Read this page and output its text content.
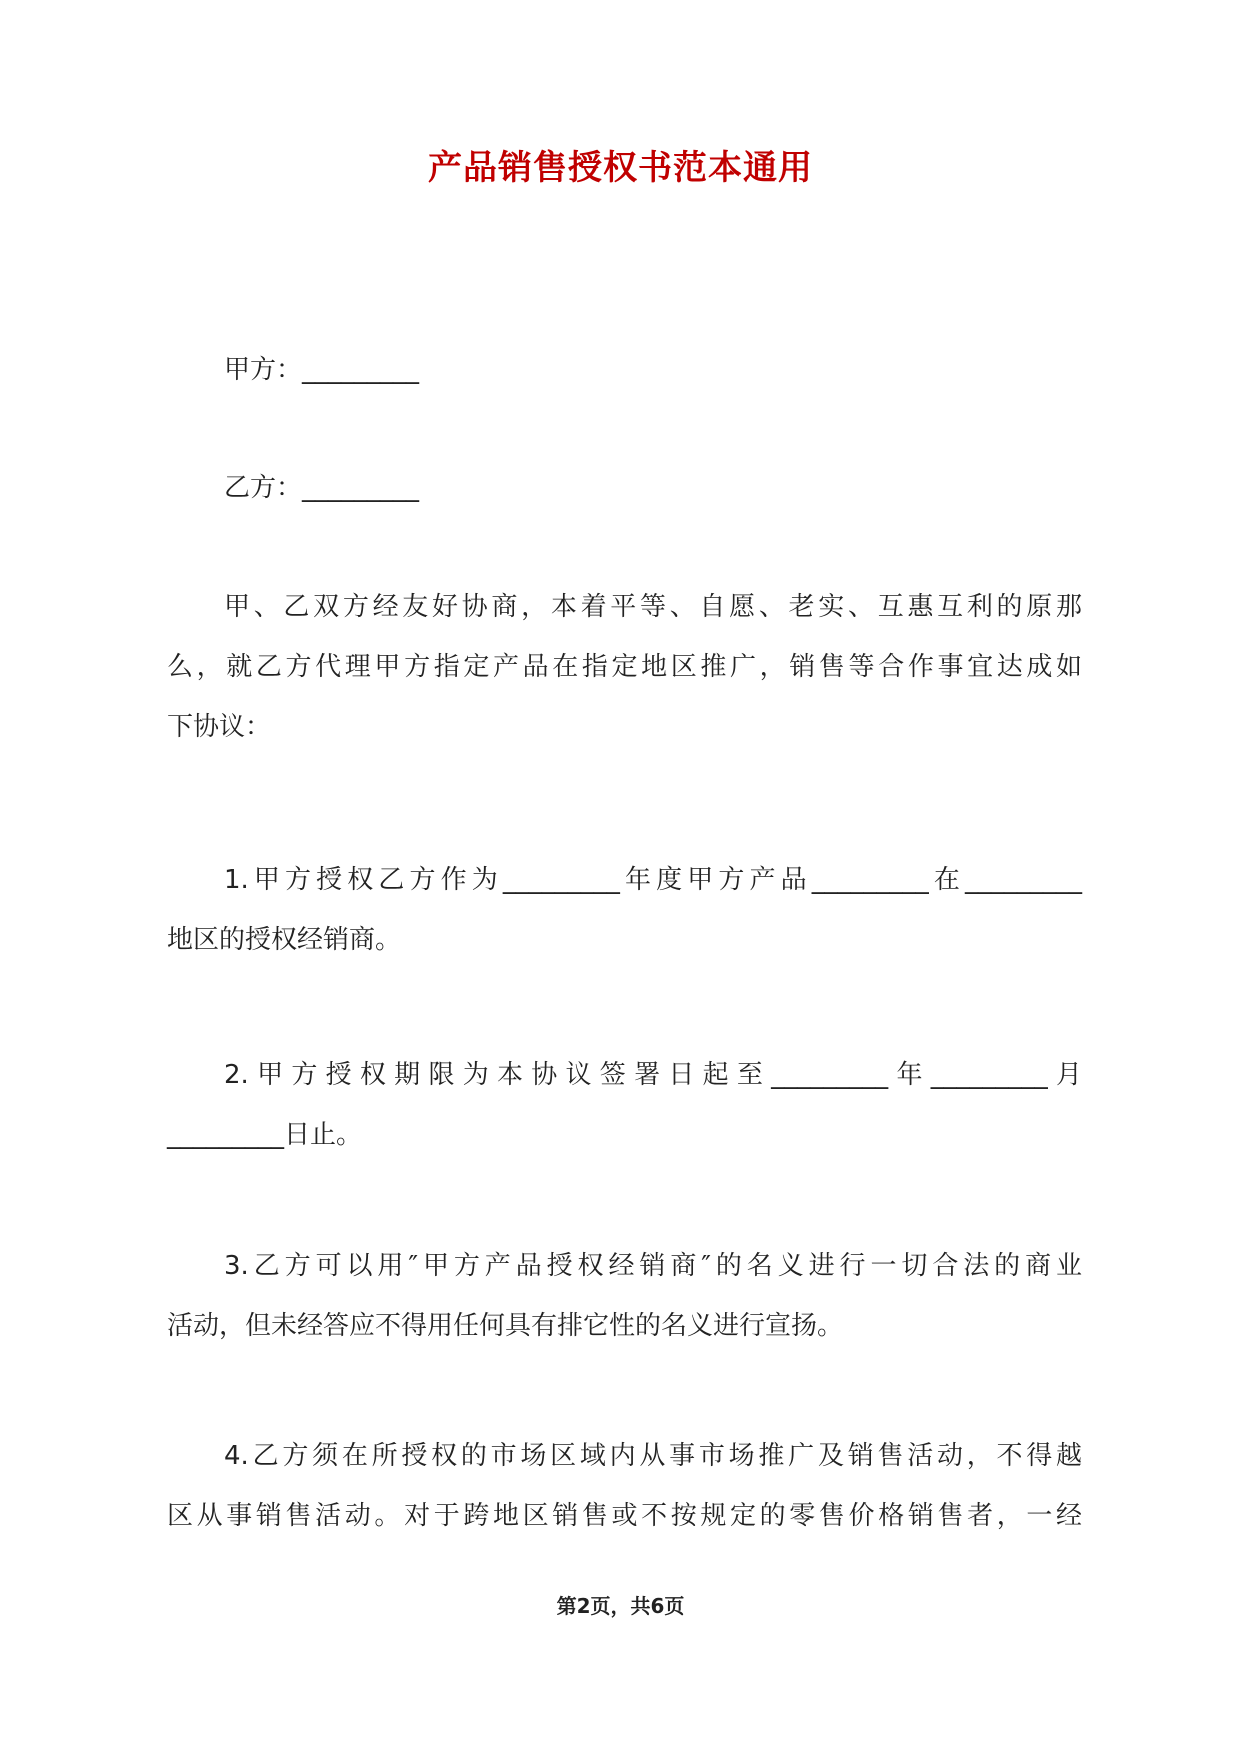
产品销售授权书范本通用

甲方：_________

乙方：_________

甲、乙双方经友好协商，本着平等、自愿、老实、互惠互利的原那
么，就乙方代理甲方指定产品在指定地区推广，销售等合作事宜达成如
下协议：

1.甲方授权乙方作为_________年度甲方产品_________在_________
地区的授权经销商。

2.甲方授权期限为本协议签署日起至_________年_________月
_________日止。

3.乙方可以用″甲方产品授权经销商″的名义进行一切合法的商业
活动，但未经答应不得用任何具有排它性的名义进行宣扬。

4.乙方须在所授权的市场区域内从事市场推广及销售活动，不得越
区从事销售活动。对于跨地区销售或不按规定的零售价格销售者，一经

第2页，共6页
